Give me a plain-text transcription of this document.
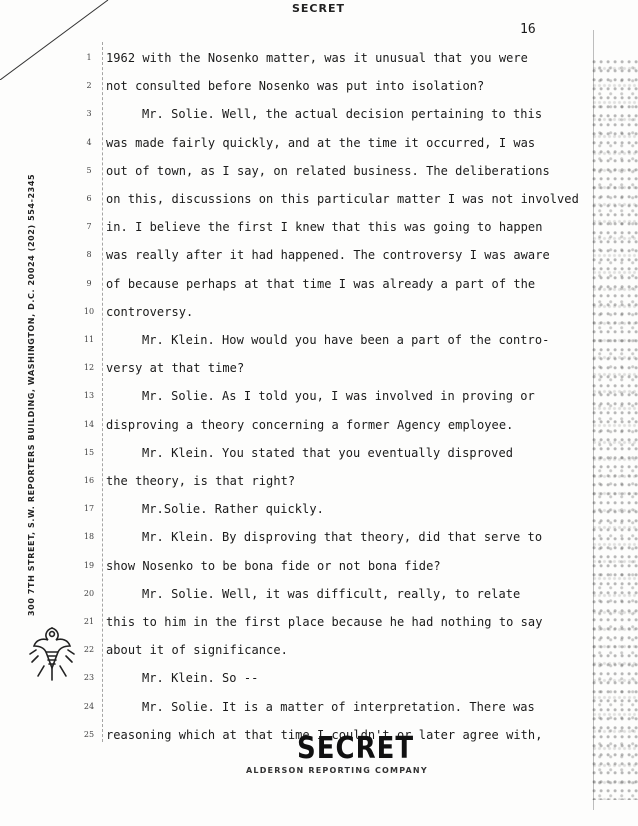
SECRET
16
300 7TH STREET, S.W. REPORTERS BUILDING, WASHINGTON, D.C. 20024 (202) 554-2345
1	1962 with the Nosenko matter, was it unusual that you were
2	not consulted before Nosenko was put into isolation?
3	Mr. Solie. Well, the actual decision pertaining to this
4	was made fairly quickly, and at the time it occurred, I was
5	out of town, as I say, on related business. The deliberations
6	on this, discussions on this particular matter I was not involved
7	in. I believe the first I knew that this was going to happen
8	was really after it had happened. The controversy I was aware
9	of because perhaps at that time I was already a part of the
10 controversy.
11	Mr. Klein. How would you have been a part of the contro-
12 versy at that time?
13	Mr. Solie. As I told you, I was involved in proving or
14 disproving a theory concerning a former Agency employee.
15	Mr. Klein. You stated that you eventually disproved
16 the theory, is that right?
17	Mr.Solie. Rather quickly.
18	Mr. Klein. By disproving that theory, did that serve to
19 show Nosenko to be bona fide or not bona fide?
20	Mr. Solie. Well, it was difficult, really, to relate
21 this to him in the first place because he had nothing to say
22 about it of significance.
23	Mr. Klein. So --
24	Mr. Solie. It is a matter of interpretation. There was
25 reasoning which at that time I couldn't or later agree with,
SECRET
ALDERSON REPORTING COMPANY
